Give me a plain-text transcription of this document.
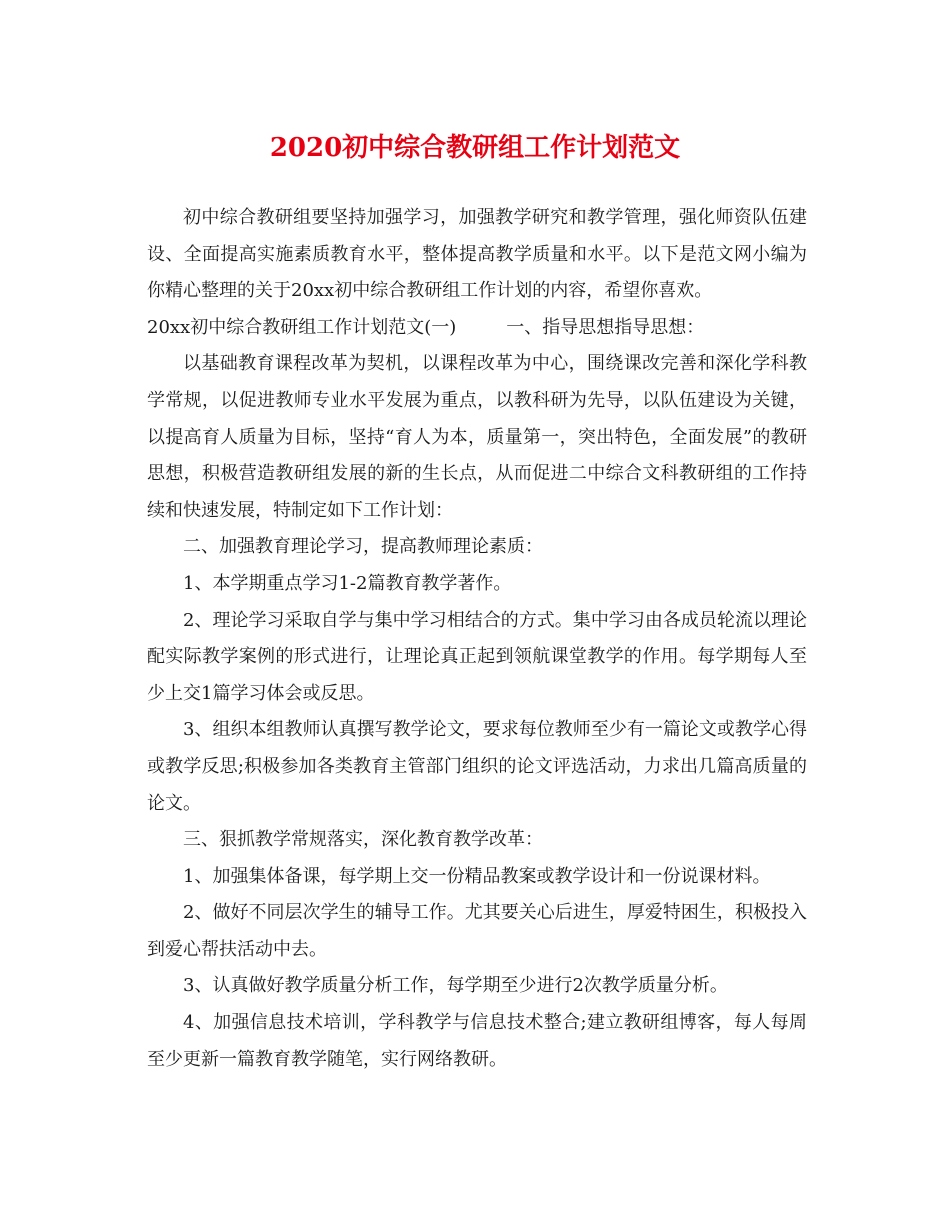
2020初中综合教研组工作计划范文

初中综合教研组要坚持加强学习，加强教学研究和教学管理，强化师资队伍建设、全面提高实施素质教育水平，整体提高教学质量和水平。以下是范文网小编为你精心整理的关于20xx初中综合教研组工作计划的内容，希望你喜欢。

20xx初中综合教研组工作计划范文(一)	一、指导思想指导思想：

以基础教育课程改革为契机，以课程改革为中心，围绕课改完善和深化学科教学常规，以促进教师专业水平发展为重点，以教科研为先导，以队伍建设为关键，以提高育人质量为目标，坚持“育人为本，质量第一，突出特色，全面发展”的教研思想，积极营造教研组发展的新的生长点，从而促进二中综合文科教研组的工作持续和快速发展，特制定如下工作计划：

二、加强教育理论学习，提高教师理论素质：

1、本学期重点学习1-2篇教育教学著作。

2、理论学习采取自学与集中学习相结合的方式。集中学习由各成员轮流以理论配实际教学案例的形式进行，让理论真正起到领航课堂教学的作用。每学期每人至少上交1篇学习体会或反思。

3、组织本组教师认真撰写教学论文，要求每位教师至少有一篇论文或教学心得或教学反思;积极参加各类教育主管部门组织的论文评选活动，力求出几篇高质量的论文。

三、狠抓教学常规落实，深化教育教学改革：

1、加强集体备课，每学期上交一份精品教案或教学设计和一份说课材料。

2、做好不同层次学生的辅导工作。尤其要关心后进生，厚爱特困生，积极投入到爱心帮扶活动中去。

3、认真做好教学质量分析工作，每学期至少进行2次教学质量分析。

4、加强信息技术培训，学科教学与信息技术整合;建立教研组博客，每人每周至少更新一篇教育教学随笔，实行网络教研。
